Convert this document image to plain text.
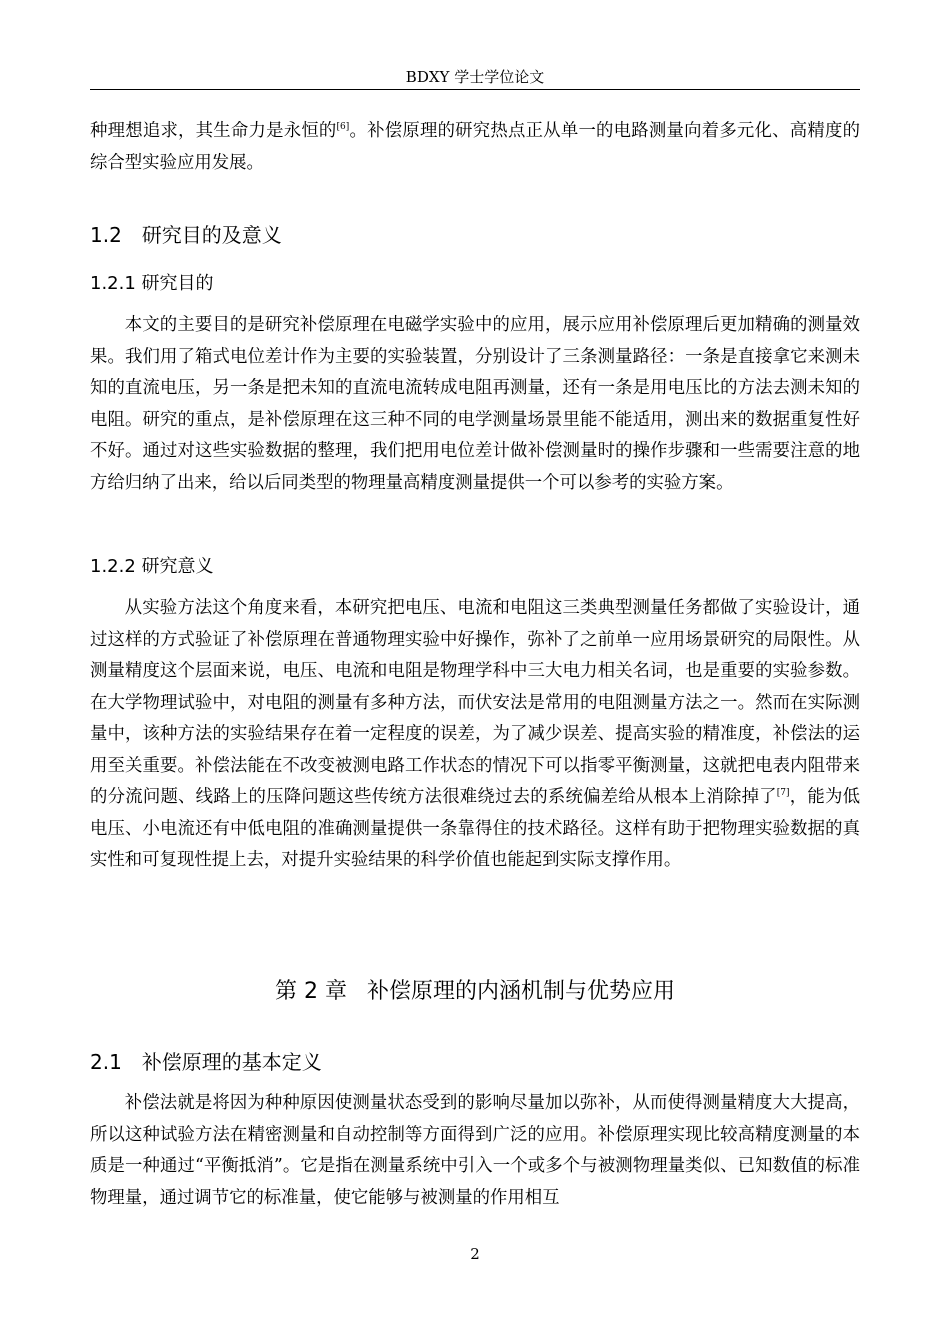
BDXY 学士学位论文

种理想追求，其生命力是永恒的[6]。补偿原理的研究热点正从单一的电路测量向着多元化、高精度的综合型实验应用发展。

1.2 研究目的及意义
1.2.1 研究目的

本文的主要目的是研究补偿原理在电磁学实验中的应用，展示应用补偿原理后更加精确的测量效果。我们用了箱式电位差计作为主要的实验装置，分别设计了三条测量路径：一条是直接拿它来测未知的直流电压，另一条是把未知的直流电流转成电阻再测量，还有一条是用电压比的方法去测未知的电阻。研究的重点，是补偿原理在这三种不同的电学测量场景里能不能适用，测出来的数据重复性好不好。通过对这些实验数据的整理，我们把用电位差计做补偿测量时的操作步骤和一些需要注意的地方给归纳了出来，给以后同类型的物理量高精度测量提供一个可以参考的实验方案。

1.2.2 研究意义

从实验方法这个角度来看，本研究把电压、电流和电阻这三类典型测量任务都做了实验设计，通过这样的方式验证了补偿原理在普通物理实验中好操作，弥补了之前单一应用场景研究的局限性。从测量精度这个层面来说，电压、电流和电阻是物理学科中三大电力相关名词，也是重要的实验参数。在大学物理试验中，对电阻的测量有多种方法，而伏安法是常用的电阻测量方法之一。然而在实际测量中，该种方法的实验结果存在着一定程度的误差，为了减少误差、提高实验的精准度，补偿法的运用至关重要。补偿法能在不改变被测电路工作状态的情况下可以指零平衡测量，这就把电表内阻带来的分流问题、线路上的压降问题这些传统方法很难绕过去的系统偏差给从根本上消除掉了[7]，能为低电压、小电流还有中低电阻的准确测量提供一条靠得住的技术路径。这样有助于把物理实验数据的真实性和可复现性提上去，对提升实验结果的科学价值也能起到实际支撑作用。

第 2 章 补偿原理的内涵机制与优势应用
2.1 补偿原理的基本定义

补偿法就是将因为种种原因使测量状态受到的影响尽量加以弥补，从而使得测量精度大大提高，所以这种试验方法在精密测量和自动控制等方面得到广泛的应用。补偿原理实现比较高精度测量的本质是一种通过“平衡抵消”。它是指在测量系统中引入一个或多个与被测物理量类似、已知数值的标准物理量，通过调节它的标准量，使它能够与被测量的作用相互

2
